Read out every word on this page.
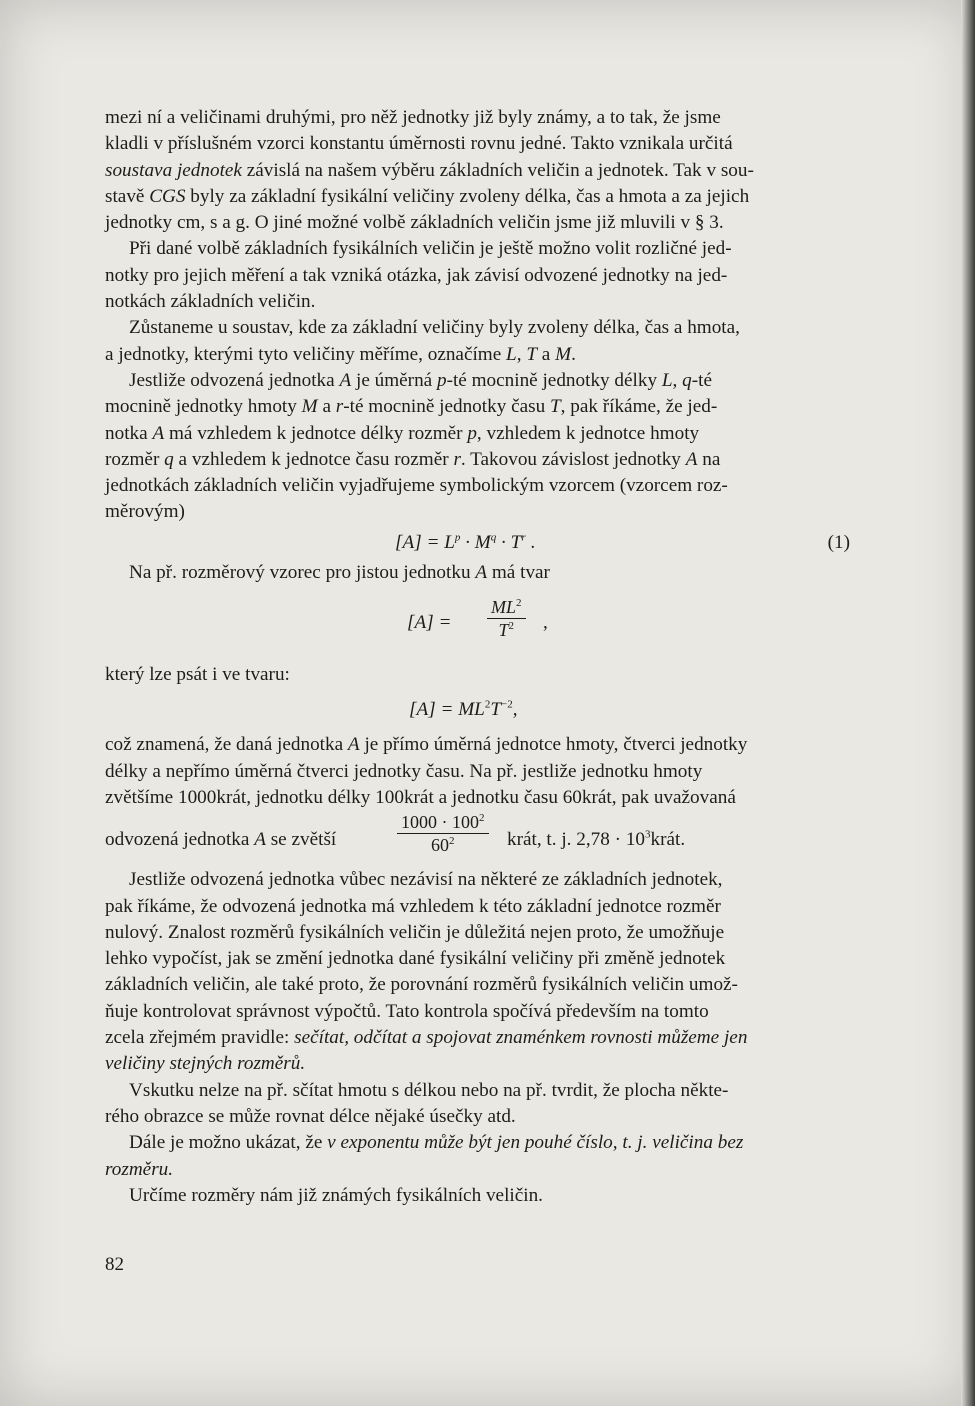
mezi ní a veličinami druhými, pro něž jednotky již byly známy, a to tak, že jsme

kladli v příslušném vzorci konstantu úměrnosti rovnu jedné. Takto vznikala určitá

soustava jednotek závislá na našem výběru základních veličin a jednotek. Tak v sou-

stavě CGS byly za základní fysikální veličiny zvoleny délka, čas a hmota a za jejich

jednotky cm, s a g. O jiné možné volbě základních veličin jsme již mluvili v § 3.

Při dané volbě základních fysikálních veličin je ještě možno volit rozličné jed-

notky pro jejich měření a tak vzniká otázka, jak závisí odvozené jednotky na jed-

notkách základních veličin.

Zůstaneme u soustav, kde za základní veličiny byly zvoleny délka, čas a hmota,

a jednotky, kterými tyto veličiny měříme, označíme L, T a M.

Jestliže odvozená jednotka A je úměrná p-té mocnině jednotky délky L, q-té

mocnině jednotky hmoty M a r-té mocnině jednotky času T, pak říkáme, že jed-

notka A má vzhledem k jednotce délky rozměr p, vzhledem k jednotce hmoty

rozměr q a vzhledem k jednotce času rozměr r. Takovou závislost jednotky A na

jednotkách základních veličin vyjadřujeme symbolickým vzorcem (vzorcem roz-

měrovým)

$[A] = L^p \cdot M^q \cdot T^r$ .	(1)

Na př. rozměrový vzorec pro jistou jednotku A má tvar

$[A] = \frac{ML^2}{T^2}$ ,

který lze psát i ve tvaru:

$[A] = ML^2T^{-2}$,

což znamená, že daná jednotka A je přímo úměrná jednotce hmoty, čtverci jednotky

délky a nepřímo úměrná čtverci jednotky času. Na př. jestliže jednotku hmoty

zvětšíme 1000krát, jednotku délky 100krát a jednotku času 60krát, pak uvažovaná

odvozená jednotka A se zvětší	$\frac{1000 \cdot 100^2}{60^2}$ krát, t. j. $2,78 \cdot 10^3krát$.

Jestliže odvozená jednotka vůbec nezávisí na některé ze základních jednotek,

pak říkáme, že odvozená jednotka má vzhledem k této základní jednotce rozměr

nulový. Znalost rozměrů fysikálních veličin je důležitá nejen proto, že umožňuje

lehko vypočíst, jak se změní jednotka dané fysikální veličiny při změně jednotek

základních veličin, ale také proto, že porovnání rozměrů fysikálních veličin umož-

ňuje kontrolovat správnost výpočtů. Tato kontrola spočívá především na tomto

zcela zřejmém pravidle: sečítat, odčítat a spojovat znaménkem rovnosti můžeme jen

veličiny stejných rozměrů.

Vskutku nelze na př. sčítat hmotu s délkou nebo na př. tvrdit, že plocha někte-

rého obrazce se může rovnat délce nějaké úsečky atd.

Dále je možno ukázat, že v exponentu může být jen pouhé číslo, t. j. veličina bez

rozměru.

Určíme rozměry nám již známých fysikálních veličin.

82
